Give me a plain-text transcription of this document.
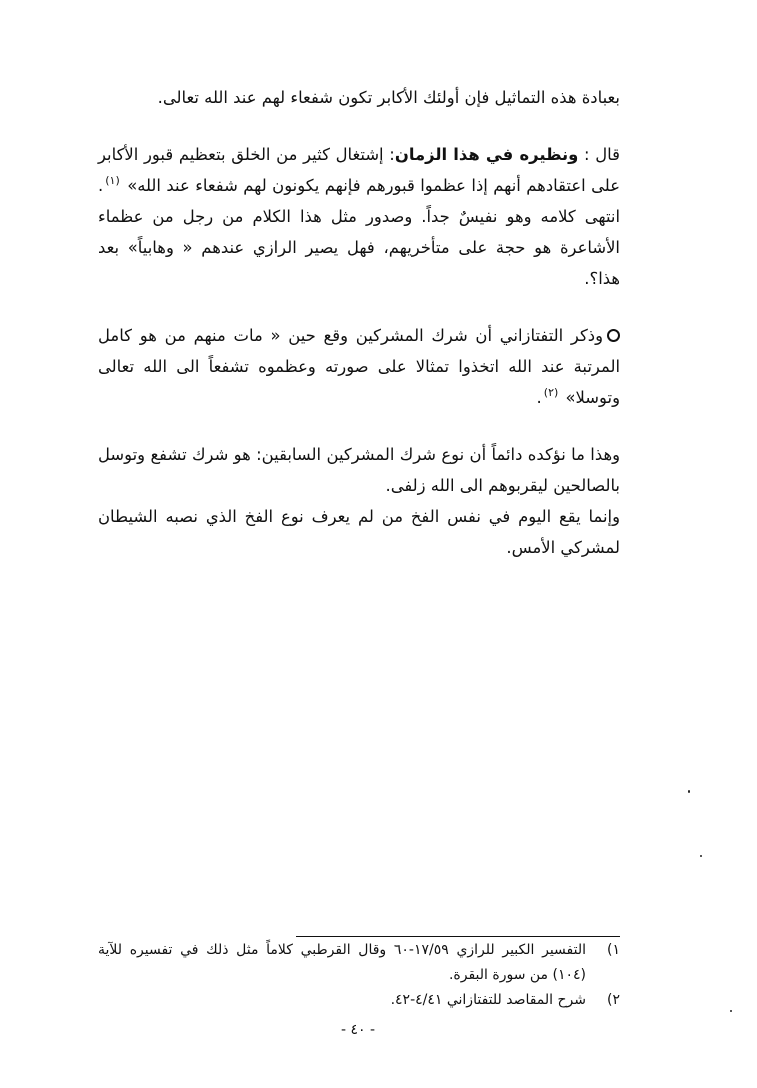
بعبادة هذه التماثيل فإن أولئك الأكابر تكون شفعاء لهم عند الله تعالى.

قال : ونظيره في هذا الزمان: إشتغال كثير من الخلق بتعظيم قبور الأكابر على اعتقادهم أنهم إذا عظموا قبورهم فإنهم يكونون لهم شفعاء عند الله» $^{(١)}$. انتهى كلامه وهو نفيسٌ جداً. وصدور مثل هذا الكلام من رجل من عظماء الأشاعرة هو حجة على متأخريهم، فهل يصير الرازي عندهم « وهابياً» بعد هذا؟.

وذكر التفتازاني أن شرك المشركين وقع حين « مات منهم من هو كامل المرتبة عند الله اتخذوا تمثالا على صورته وعظموه تشفعاً الى الله تعالى وتوسلا» $^{(٢)}$.

وهذا ما نؤكده دائماً أن نوع شرك المشركين السابقين: هو شرك تشفع وتوسل بالصالحين ليقربوهم الى الله زلفى.

وإنما يقع اليوم في نفس الفخ من لم يعرف نوع الفخ الذي نصبه الشيطان لمشركي الأمس.

١)
التفسير الكبير للرازي ١٧/٥٩-٦٠ وقال القرطبي كلاماً مثل ذلك في تفسيره للآية (١٠٤) من سورة البقرة.
٢)
شرح المقاصد للتفتازاني ٤/٤١-٤٢.
- ٤٠ -
